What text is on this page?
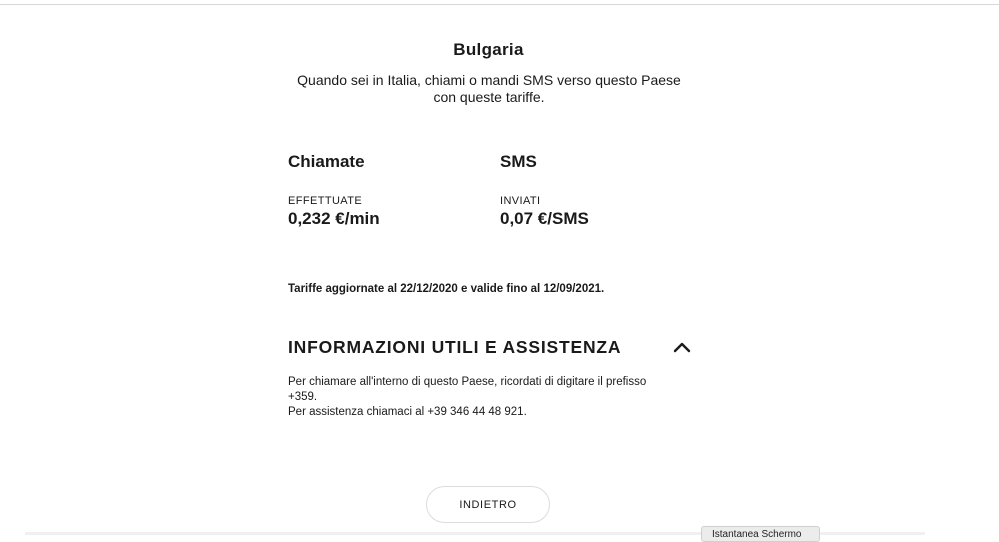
Bulgaria
Quando sei in Italia, chiami o mandi SMS verso questo Paese con queste tariffe.
Chiamate
EFFETTUATE
0,232 €/min
SMS
INVIATI
0,07 €/SMS
Tariffe aggiornate al 22/12/2020 e valide fino al 12/09/2021.
INFORMAZIONI UTILI E ASSISTENZA

Per chiamare all'interno di questo Paese, ricordati di digitare il prefisso +359.

Per assistenza chiamaci al +39 346 44 48 921.

INDIETRO
Istantanea Schermo
